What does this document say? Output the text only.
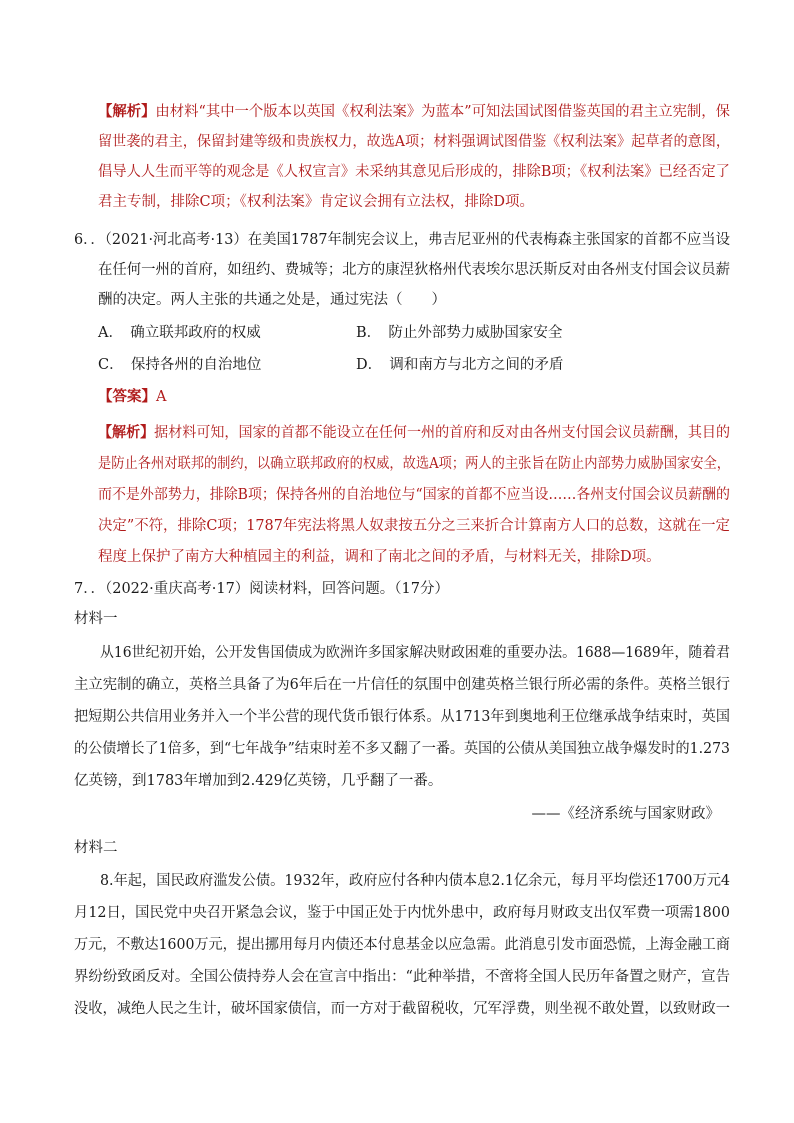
【解析】由材料“其中一个版本以英国《权利法案》为蓝本”可知法国试图借鉴英国的君主立宪制，保
留世袭的君主，保留封建等级和贵族权力，故选A项；材料强调试图借鉴《权利法案》起草者的意图，
倡导人人生而平等的观念是《人权宣言》未采纳其意见后形成的，排除B项；《权利法案》已经否定了
君主专制，排除C项；《权利法案》肯定议会拥有立法权，排除D项。
6．．（2021·河北高考·13）在美国1787年制宪会议上，弗吉尼亚州的代表梅森主张国家的首都不应当设
在任何一州的首府，如纽约、费城等；北方的康涅狄格州代表埃尔思沃斯反对由各州支付国会议员薪
酬的决定。两人主张的共通之处是，通过宪法（　　）
A．　确立联邦政府的权威	B．　防止外部势力威胁国家安全
C．　保持各州的自治地位	D．　调和南方与北方之间的矛盾
【答案】A
【解析】据材料可知，国家的首都不能设立在任何一州的首府和反对由各州支付国会议员薪酬，其目的
是防止各州对联邦的制约，以确立联邦政府的权威，故选A项；两人的主张旨在防止内部势力威胁国家安全，
而不是外部势力，排除B项；保持各州的自治地位与“国家的首都不应当设……各州支付国会议员薪酬的
决定”不符，排除C项；1787年宪法将黑人奴隶按五分之三来折合计算南方人口的总数，这就在一定
程度上保护了南方大种植园主的利益，调和了南北之间的矛盾，与材料无关，排除D项。
7．．（2022·重庆高考·17）阅读材料，回答问题。（17分）
材料一
从16世纪初开始，公开发售国债成为欧洲许多国家解决财政困难的重要办法。1688—1689年，随着君
主立宪制的确立，英格兰具备了为6年后在一片信任的氛围中创建英格兰银行所必需的条件。英格兰银行
把短期公共信用业务并入一个半公营的现代货币银行体系。从1713年到奥地利王位继承战争结束时，英国
的公债增长了1倍多，到“七年战争”结束时差不多又翻了一番。英国的公债从美国独立战争爆发时的1.273
亿英镑，到1783年增加到2.429亿英镑，几乎翻了一番。
——《经济系统与国家财政》
材料二
8.年起，国民政府滥发公债。1932年，政府应付各种内债本息2.1亿余元，每月平均偿还1700万元4
月12日，国民党中央召开紧急会议，鉴于中国正处于内忧外患中，政府每月财政支出仅军费一项需1800
万元，不敷达1600万元，提出挪用每月内债还本付息基金以应急需。此消息引发市面恐慌，上海金融工商
界纷纷致函反对。全国公债持券人会在宣言中指出：“此种举措，不啻将全国人民历年备置之财产，宣告
没收，减绝人民之生计，破坏国家债信，而一方对于截留税收，冗军浮费，则坐视不敢处置，以致财政一
